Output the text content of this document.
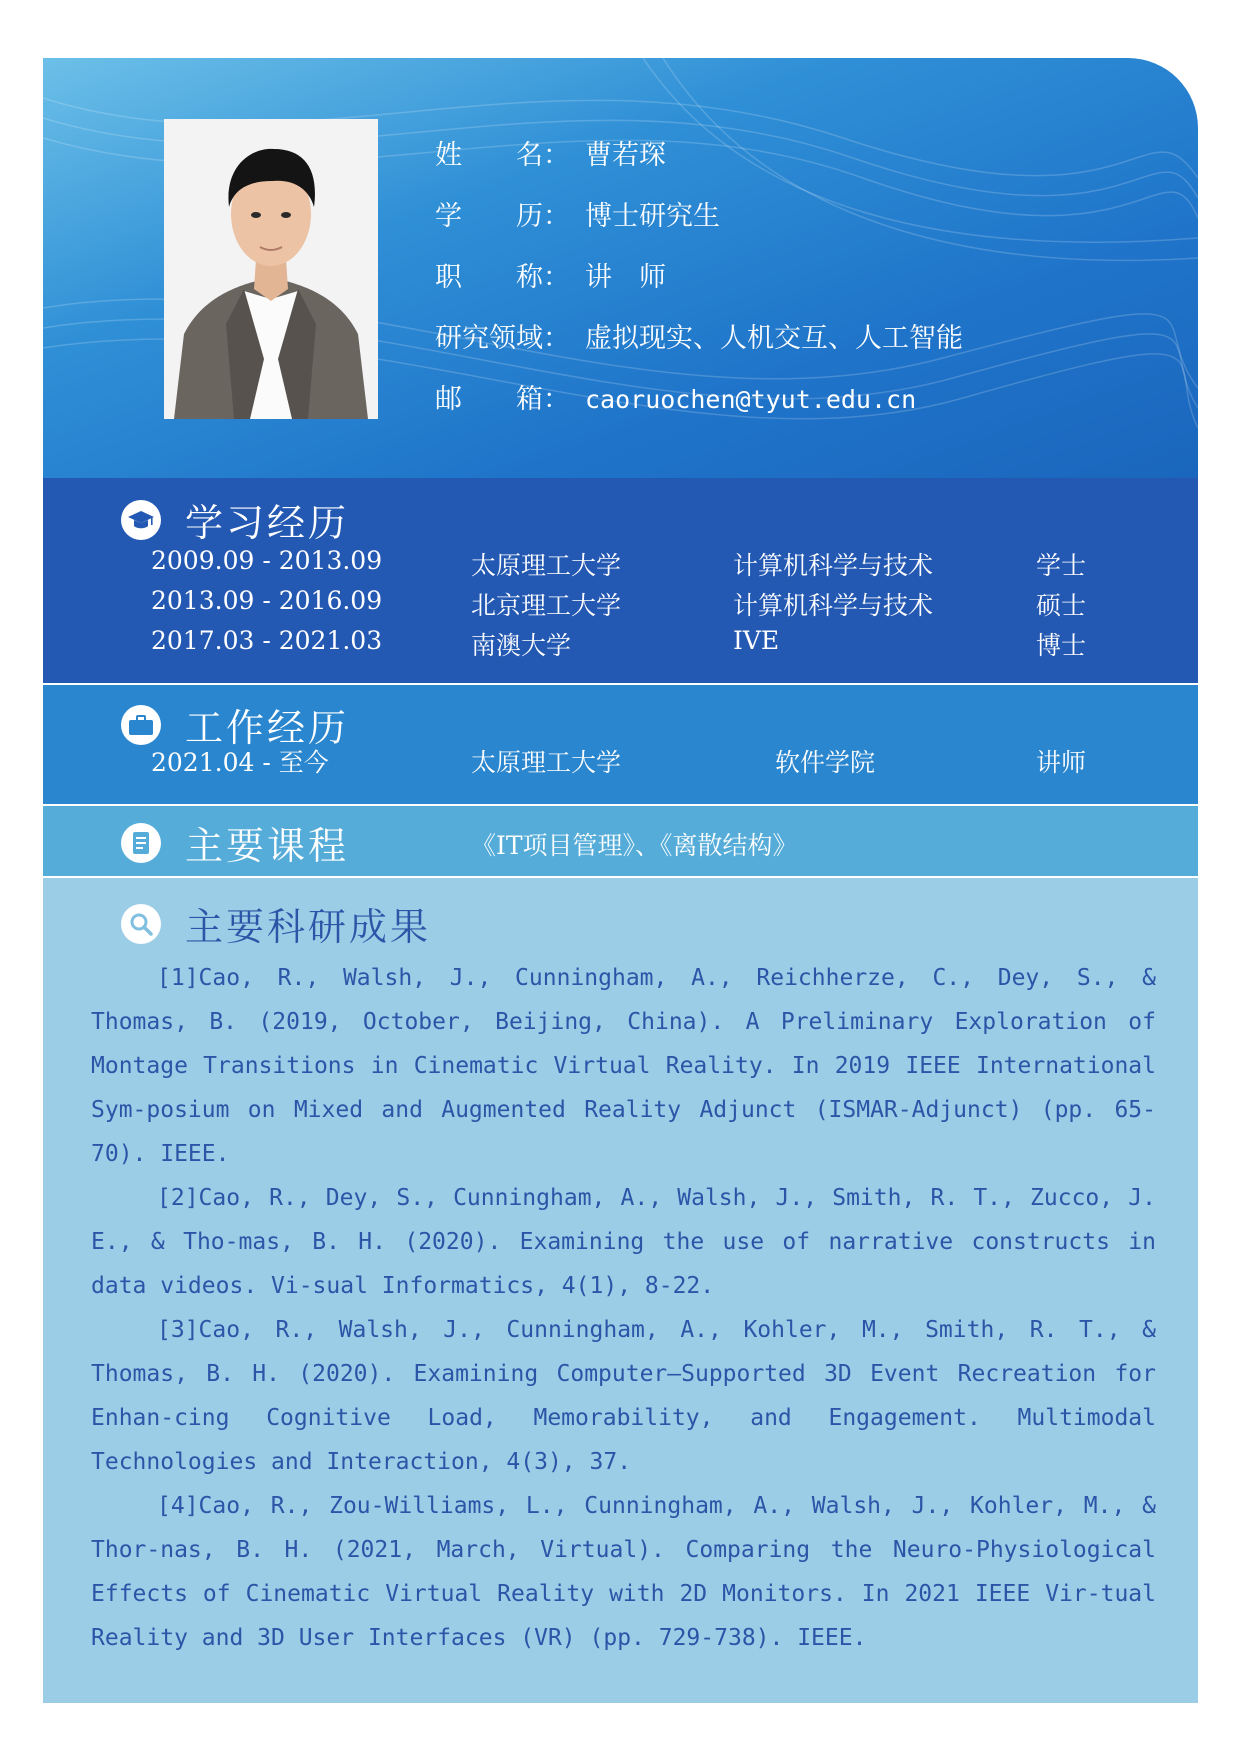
姓　　名： 曹若琛
学　　历： 博士研究生
职　　称： 讲　师
研究领域： 虚拟现实、人机交互、人工智能
邮　　箱： caoruochen@tyut.edu.cn
学习经历
2009.09 - 2013.09	太原理工大学	计算机科学与技术	学士
2013.09 - 2016.09	北京理工大学	计算机科学与技术	硕士
2017.03 - 2021.03	南澳大学	IVE	博士
工作经历
2021.04 - 至今	太原理工大学	软件学院	讲师
主要课程	《IT项目管理》、《离散结构》
主要科研成果

[1]Cao, R., Walsh, J., Cunningham, A., Reichherze, C., Dey, S., & Thomas, B. (2019, October, Beijing, China). A Preliminary Exploration of Montage Transitions in Cinematic Virtual Reality. In 2019 IEEE International Sym-posium on Mixed and Augmented Reality Adjunct (ISMAR-Adjunct) (pp. 65-70). IEEE.

[2]Cao, R., Dey, S., Cunningham, A., Walsh, J., Smith, R. T., Zucco, J. E., & Tho-mas, B. H. (2020). Examining the use of narrative constructs in data videos. Vi-sual Informatics, 4(1), 8-22.

[3]Cao, R., Walsh, J., Cunningham, A., Kohler, M., Smith, R. T., & Thomas, B. H. (2020). Examining Computer–Supported 3D Event Recreation for Enhan-cing Cognitive Load, Memorability, and Engagement. Multimodal Technologies and Interaction, 4(3), 37.

[4]Cao, R., Zou-Williams, L., Cunningham, A., Walsh, J., Kohler, M., & Thor-nas, B. H. (2021, March, Virtual). Comparing the Neuro-Physiological Effects of Cinematic Virtual Reality with 2D Monitors. In 2021 IEEE Vir-tual Reality and 3D User Interfaces (VR) (pp. 729-738). IEEE.
